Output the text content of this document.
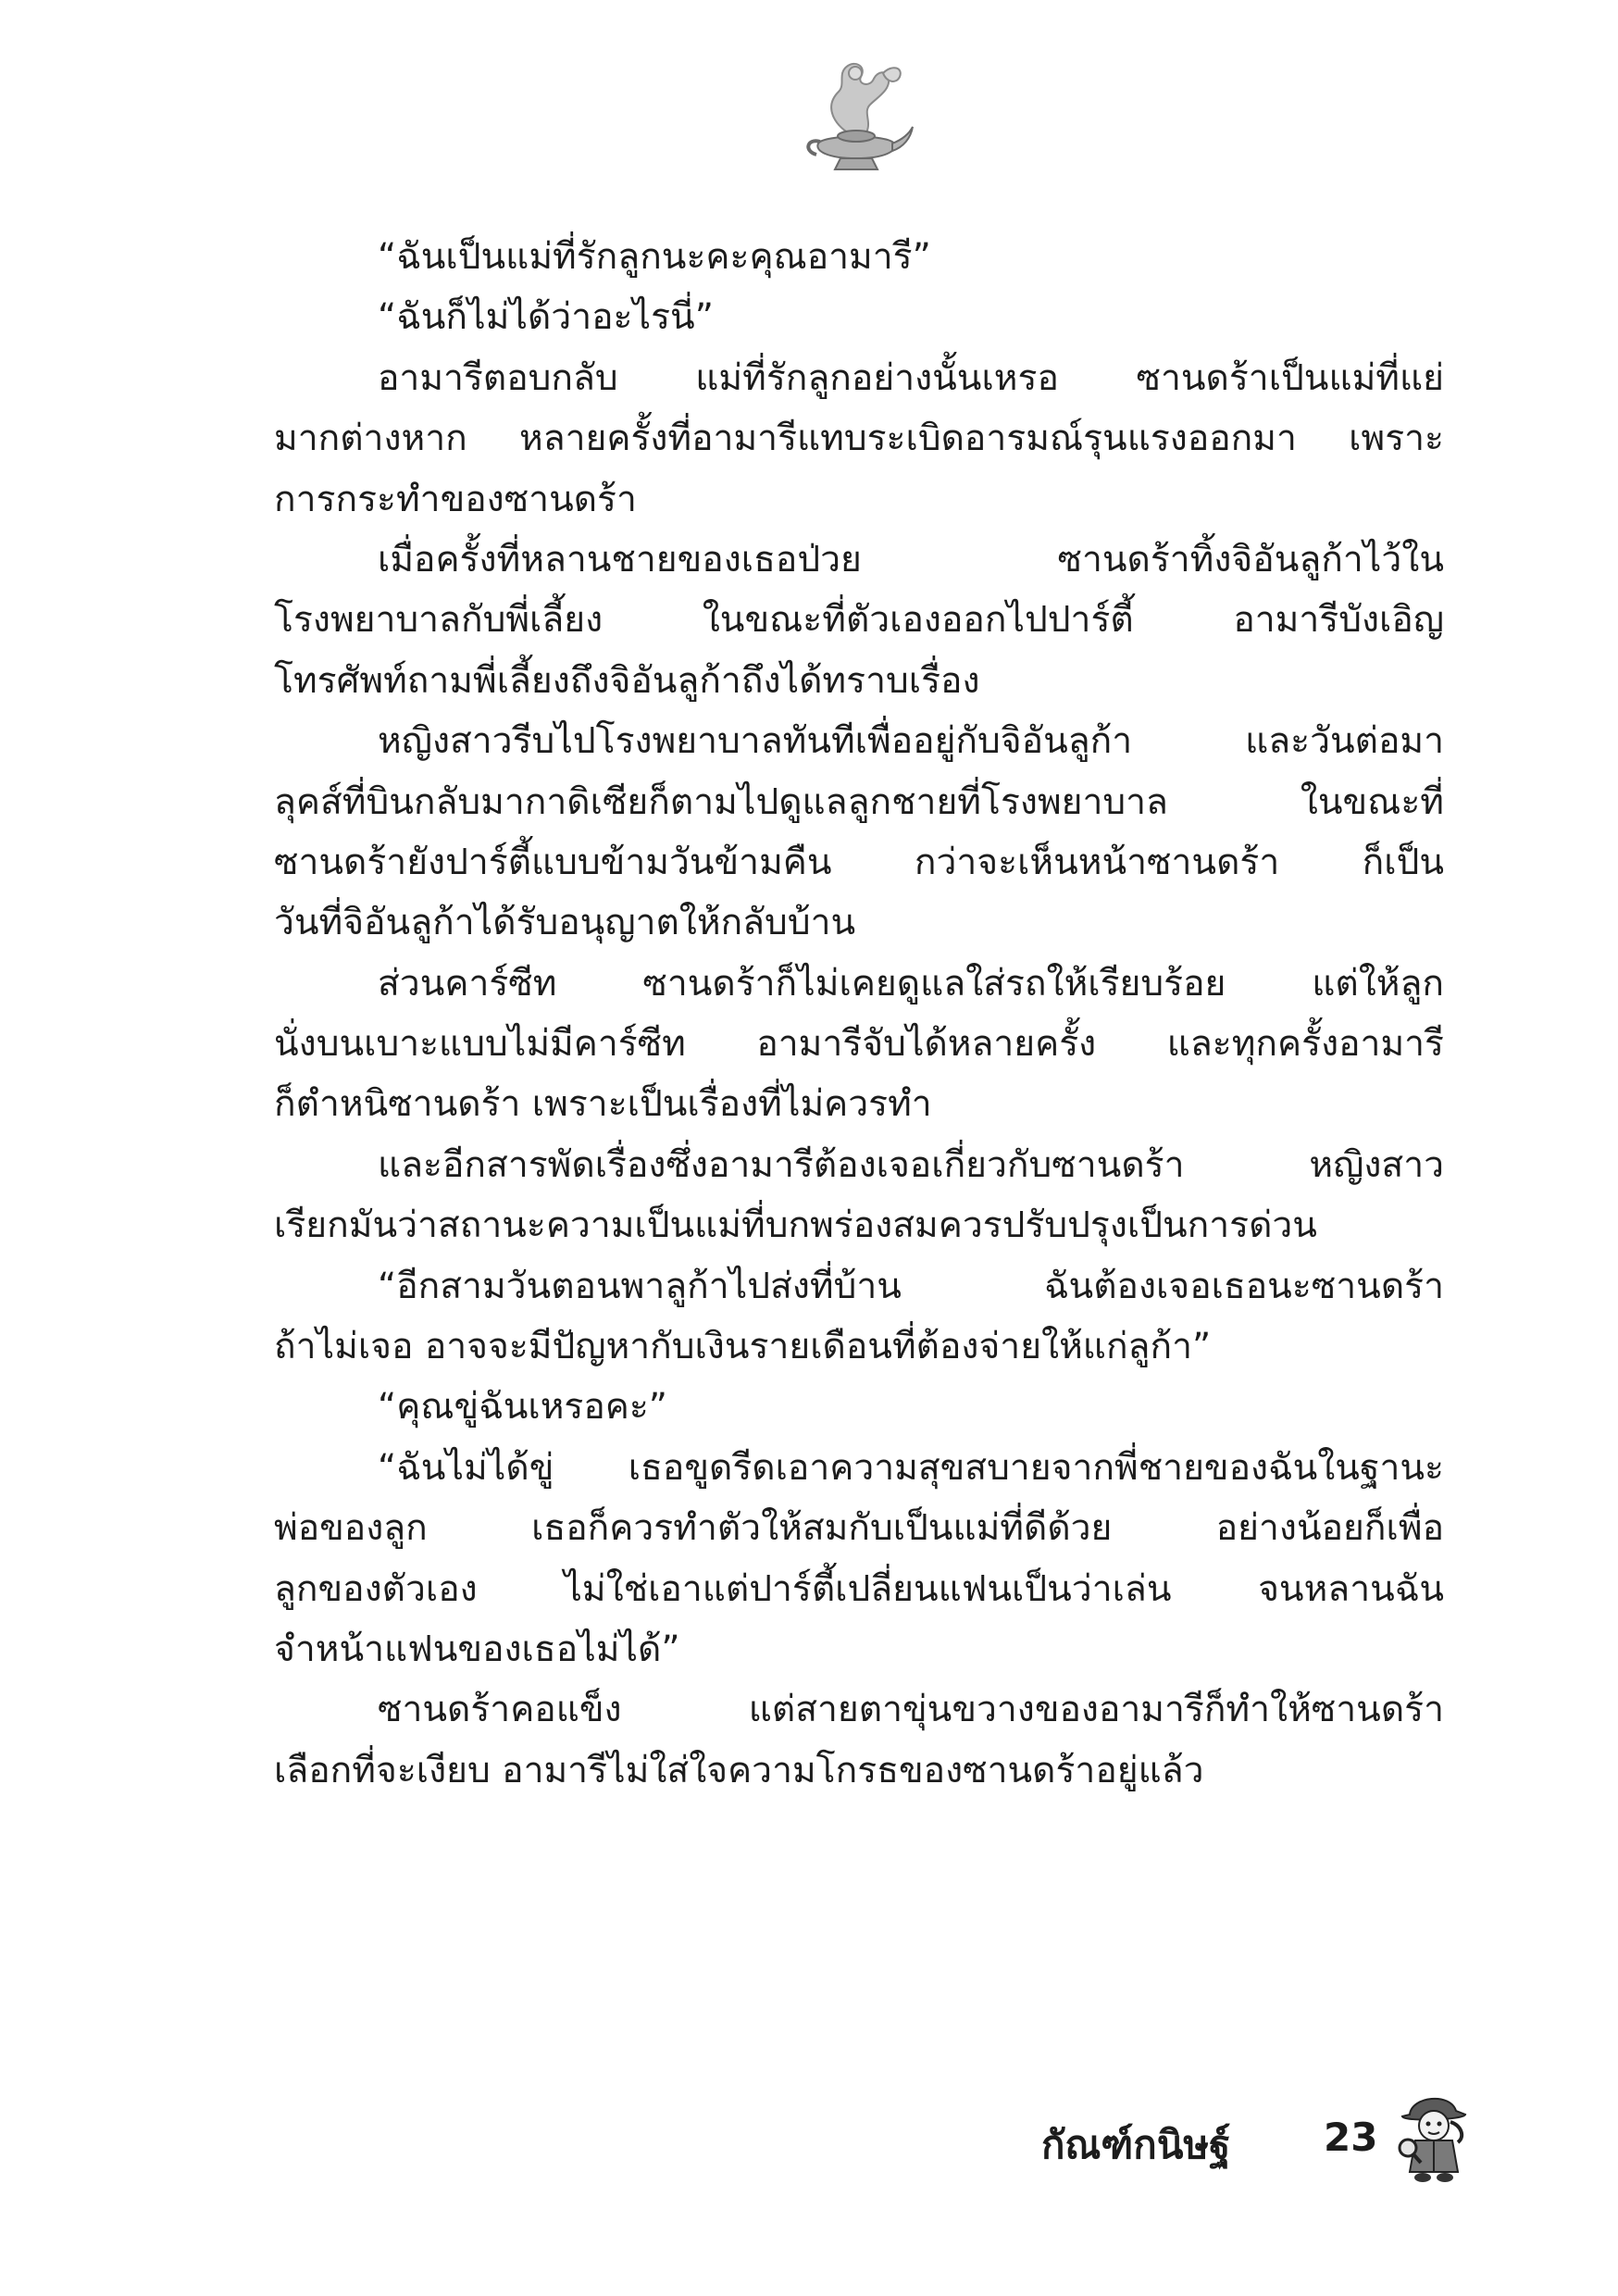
“ฉันเป็นแม่ที่รักลูกนะคะคุณอามารี”
“ฉันก็ไม่ได้ว่าอะไรนี่”
อามารีตอบกลับ แม่ที่รักลูกอย่างนั้นเหรอ ซานดร้าเป็นแม่ที่แย่
มากต่างหาก หลายครั้งที่อามารีแทบระเบิดอารมณ์รุนแรงออกมา เพราะ
การกระทำของซานดร้า
เมื่อครั้งที่หลานชายของเธอป่วย ซานดร้าทิ้งจิอันลูก้าไว้ใน
โรงพยาบาลกับพี่เลี้ยง ในขณะที่ตัวเองออกไปปาร์ตี้ อามารีบังเอิญ
โทรศัพท์ถามพี่เลี้ยงถึงจิอันลูก้าถึงได้ทราบเรื่อง
หญิงสาวรีบไปโรงพยาบาลทันทีเพื่ออยู่กับจิอันลูก้า และวันต่อมา
ลุคส์ที่บินกลับมากาดิเซียก็ตามไปดูแลลูกชายที่โรงพยาบาล ในขณะที่
ซานดร้ายังปาร์ตี้แบบข้ามวันข้ามคืน กว่าจะเห็นหน้าซานดร้า ก็เป็น
วันที่จิอันลูก้าได้รับอนุญาตให้กลับบ้าน
ส่วนคาร์ซีท ซานดร้าก็ไม่เคยดูแลใส่รถให้เรียบร้อย แต่ให้ลูก
นั่งบนเบาะแบบไม่มีคาร์ซีท อามารีจับได้หลายครั้ง และทุกครั้งอามารี
ก็ตำหนิซานดร้า เพราะเป็นเรื่องที่ไม่ควรทำ
และอีกสารพัดเรื่องซึ่งอามารีต้องเจอเกี่ยวกับซานดร้า หญิงสาว
เรียกมันว่าสถานะความเป็นแม่ที่บกพร่องสมควรปรับปรุงเป็นการด่วน
“อีกสามวันตอนพาลูก้าไปส่งที่บ้าน ฉันต้องเจอเธอนะซานดร้า
ถ้าไม่เจอ อาจจะมีปัญหากับเงินรายเดือนที่ต้องจ่ายให้แก่ลูก้า”
“คุณขู่ฉันเหรอคะ”
“ฉันไม่ได้ขู่ เธอขูดรีดเอาความสุขสบายจากพี่ชายของฉันในฐานะ
พ่อของลูก เธอก็ควรทำตัวให้สมกับเป็นแม่ที่ดีด้วย อย่างน้อยก็เพื่อ
ลูกของตัวเอง ไม่ใช่เอาแต่ปาร์ตี้เปลี่ยนแฟนเป็นว่าเล่น จนหลานฉัน
จำหน้าแฟนของเธอไม่ได้”
ซานดร้าคอแข็ง แต่สายตาขุ่นขวางของอามารีก็ทำให้ซานดร้า
เลือกที่จะเงียบ อามารีไม่ใส่ใจความโกรธของซานดร้าอยู่แล้ว
กัณฑ์กนิษฐ์ 23
